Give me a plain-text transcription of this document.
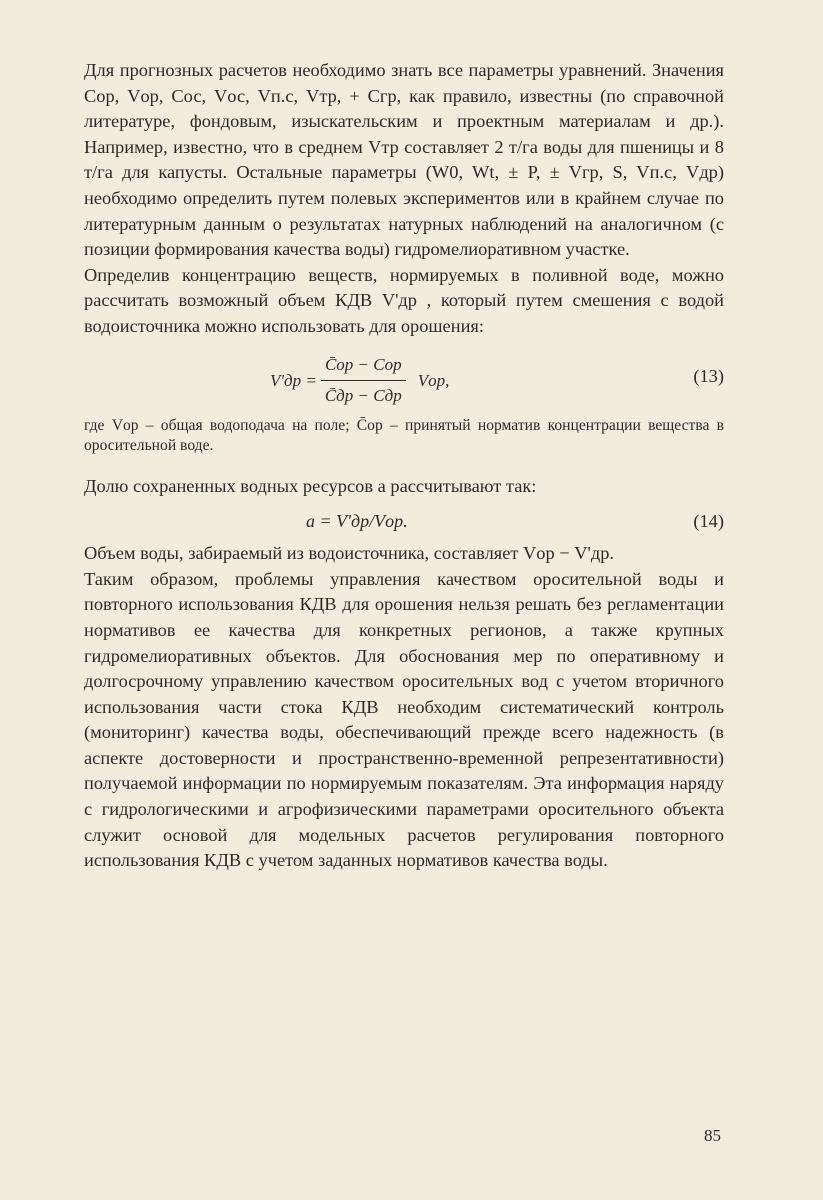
Для прогнозных расчетов необходимо знать все параметры уравнений. Значения Cор, Vор, Cос, Vос, Vп.с, Vтр, + Cгр, как правило, известны (по справочной литературе, фондовым, изыскательским и проектным материалам и др.). Например, известно, что в среднем Vтр составляет 2 т/га воды для пшеницы и 8 т/га для капусты. Остальные параметры (W0, Wt, ± P, ± Vгр, S, Vп.с, Vдр) необходимо определить путем полевых экспериментов или в крайнем случае по литературным данным о результатах натурных наблюдений на аналогичном (с позиции формирования качества воды) гидромелиоративном участке.

Определив концентрацию веществ, нормируемых в поливной воде, можно рассчитать возможный объем КДВ V'др , который путем смешения с водой водоисточника можно использовать для орошения:

$V'др = \frac{\text{C̄ор − Cор}}{\text{C̄др − Cдр}}$ Vор,	(13)

где Vор – общая водоподача на поле; C̄ор – принятый норматив концентрации вещества в оросительной воде.

Долю сохраненных водных ресурсов a рассчитывают так:

a = V'др/Vор.	(14)

Объем воды, забираемый из водоисточника, составляет Vор − V'др.

Таким образом, проблемы управления качеством оросительной воды и повторного использования КДВ для орошения нельзя решать без регламентации нормативов ее качества для конкретных регионов, а также крупных гидромелиоративных объектов. Для обоснования мер по оперативному и долгосрочному управлению качеством оросительных вод с учетом вторичного использования части стока КДВ необходим систематический контроль (мониторинг) качества воды, обеспечивающий прежде всего надежность (в аспекте достоверности и пространственно-временной репрезентативности) получаемой информации по нормируемым показателям. Эта информация наряду с гидрологическими и агрофизическими параметрами оросительного объекта служит основой для модельных расчетов регулирования повторного использования КДВ с учетом заданных нормативов качества воды.

85
